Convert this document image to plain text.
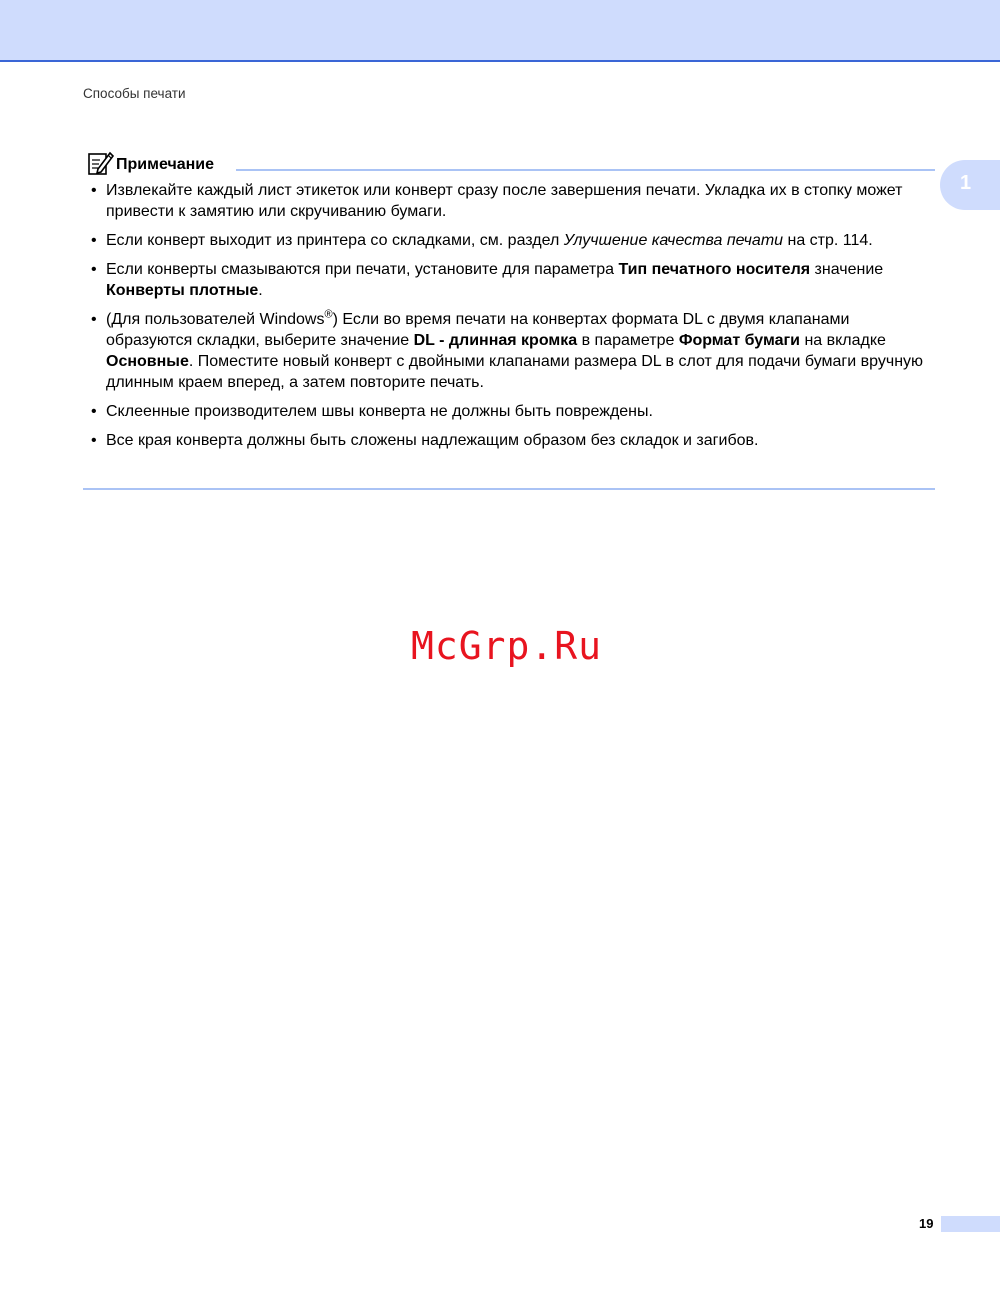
Способы печати
1
Примечание
• Извлекайте каждый лист этикеток или конверт сразу после завершения печати. Укладка их в стопку может привести к замятию или скручиванию бумаги.
• Если конверт выходит из принтера со складками, см. раздел Улучшение качества печати на стр. 114.
• Если конверты смазываются при печати, установите для параметра Тип печатного носителя значение Конверты плотные.
• (Для пользователей Windows®) Если во время печати на конвертах формата DL с двумя клапанами образуются складки, выберите значение DL - длинная кромка в параметре Формат бумаги на вкладке Основные. Поместите новый конверт с двойными клапанами размера DL в слот для подачи бумаги вручную длинным краем вперед, а затем повторите печать.
• Склеенные производителем швы конверта не должны быть повреждены.
• Все края конверта должны быть сложены надлежащим образом без складок и загибов.
McGrp.Ru
19
